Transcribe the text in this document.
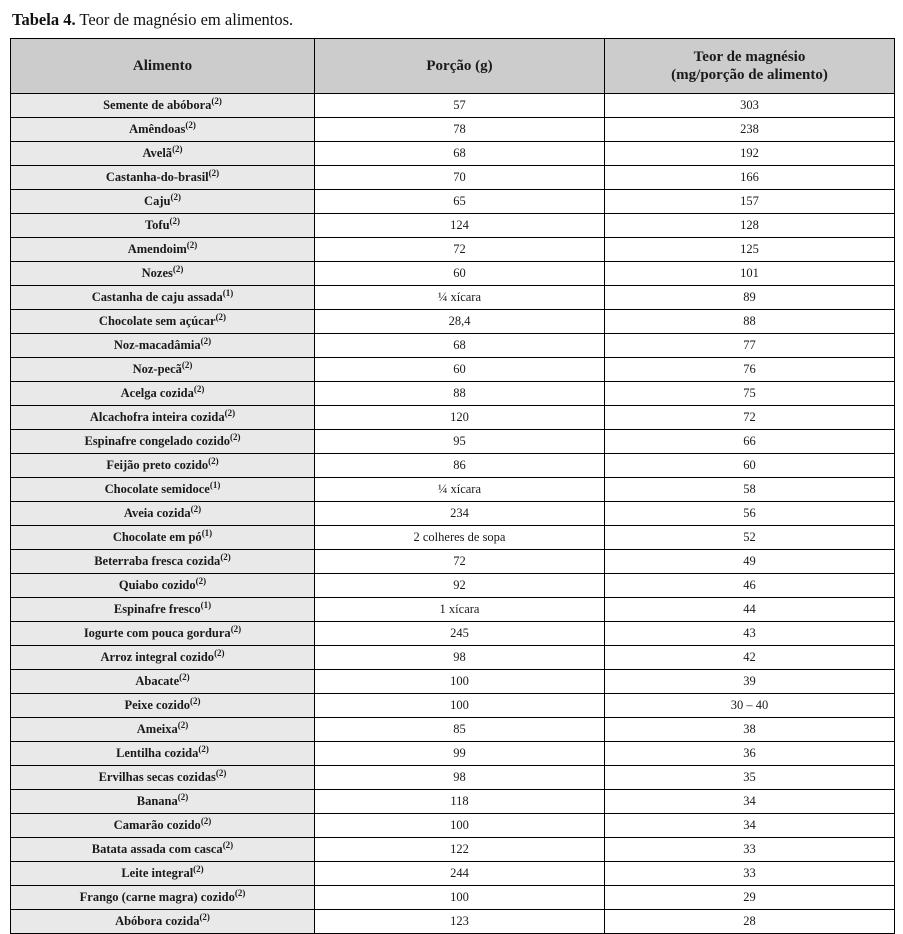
Tabela 4. Teor de magnésio em alimentos.
Alimento	Porção (g)	Teor de magnésio
(mg/porção de alimento)

Semente de abóbora$^{(2)}$	57	303
Amêndoas$^{(2)}$	78	238
Avelã$^{(2)}$	68	192
Castanha-do-brasil$^{(2)}$	70	166
Caju$^{(2)}$	65	157
Tofu$^{(2)}$	124	128
Amendoim$^{(2)}$	72	125
Nozes$^{(2)}$	60	101
Castanha de caju assada$^{(1)}$	¼ xícara	89
Chocolate sem açúcar$^{(2)}$	28,4	88
Noz-macadâmia$^{(2)}$	68	77
Noz-pecã$^{(2)}$	60	76
Acelga cozida$^{(2)}$	88	75
Alcachofra inteira cozida$^{(2)}$	120	72
Espinafre congelado cozido$^{(2)}$	95	66
Feijão preto cozido$^{(2)}$	86	60
Chocolate semidoce$^{(1)}$	¼ xícara	58
Aveia cozida$^{(2)}$	234	56
Chocolate em $pó^{(1)}$	2 colheres de sopa	52
Beterraba fresca cozida$^{(2)}$	72	49
Quiabo cozido$^{(2)}$	92	46
Espinafre fresco$^{(1)}$	1 xícara	44
Iogurte com pouca gordura$^{(2)}$	245	43
Arroz integral cozido$^{(2)}$	98	42
Abacate$^{(2)}$	100	39
Peixe cozido$^{(2)}$	100	30 – 40
Ameixa$^{(2)}$	85	38
Lentilha cozida$^{(2)}$	99	36
Ervilhas secas cozidas$^{(2)}$	98	35
Banana$^{(2)}$	118	34
Camarão cozido$^{(2)}$	100	34
Batata assada com casca$^{(2)}$	122	33
Leite integral$^{(2)}$	244	33
Frango (carne magra) cozido$^{(2)}$	100	29
Abóbora cozida$^{(2)}$	123	28
